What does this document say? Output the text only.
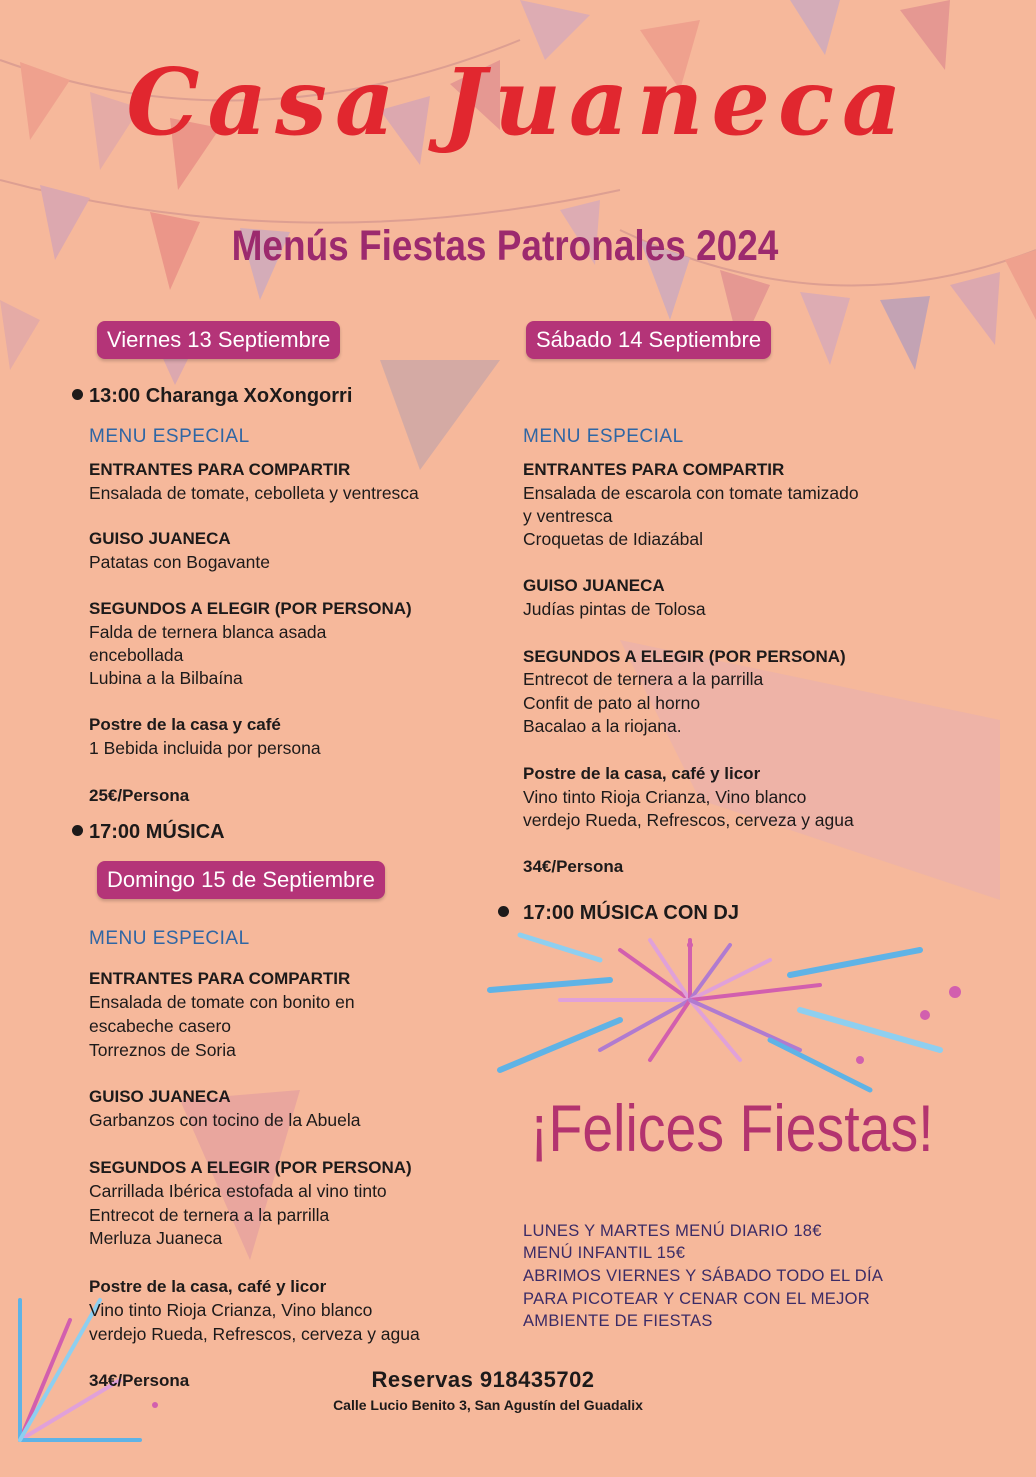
Casa Juaneca
Menús Fiestas Patronales 2024
Viernes 13 Septiembre
13:00 Charanga XoXongorri
MENU ESPECIAL
ENTRANTES PARA COMPARTIR
Ensalada de tomate, cebolleta y ventresca
GUISO JUANECA
Patatas con Bogavante
SEGUNDOS A ELEGIR (POR PERSONA)
Falda de ternera blanca asada
encebollada
Lubina a la Bilbaína
Postre de la casa y café
1 Bebida incluida por persona
25€/Persona
17:00 MÚSICA
Domingo 15 de Septiembre
MENU ESPECIAL
ENTRANTES PARA COMPARTIR
Ensalada de tomate con bonito en
escabeche casero
Torreznos de Soria
GUISO JUANECA
Garbanzos con tocino de la Abuela
SEGUNDOS A ELEGIR (POR PERSONA)
Carrillada Ibérica estofada al vino tinto
Entrecot de ternera a la parrilla
Merluza Juaneca
Postre de la casa, café y licor
Vino tinto Rioja Crianza, Vino blanco
verdejo Rueda, Refrescos, cerveza y agua
34€/Persona
Sábado 14 Septiembre
MENU ESPECIAL
ENTRANTES PARA COMPARTIR
Ensalada de escarola con tomate tamizado
y ventresca
Croquetas de Idiazábal
GUISO JUANECA
Judías pintas de Tolosa
SEGUNDOS A ELEGIR (POR PERSONA)
Entrecot de ternera a la parrilla
Confit de pato al horno
Bacalao a la riojana.
Postre de la casa, café y licor
Vino tinto Rioja Crianza, Vino blanco
verdejo Rueda, Refrescos, cerveza y agua
34€/Persona
17:00 MÚSICA CON DJ
¡Felices Fiestas!
LUNES Y MARTES MENÚ DIARIO 18€
MENÚ INFANTIL 15€
ABRIMOS VIERNES Y SÁBADO TODO EL DÍA
PARA PICOTEAR Y CENAR CON EL MEJOR
AMBIENTE DE FIESTAS
Reservas 918435702
Calle Lucio Benito 3, San Agustín del Guadalix
